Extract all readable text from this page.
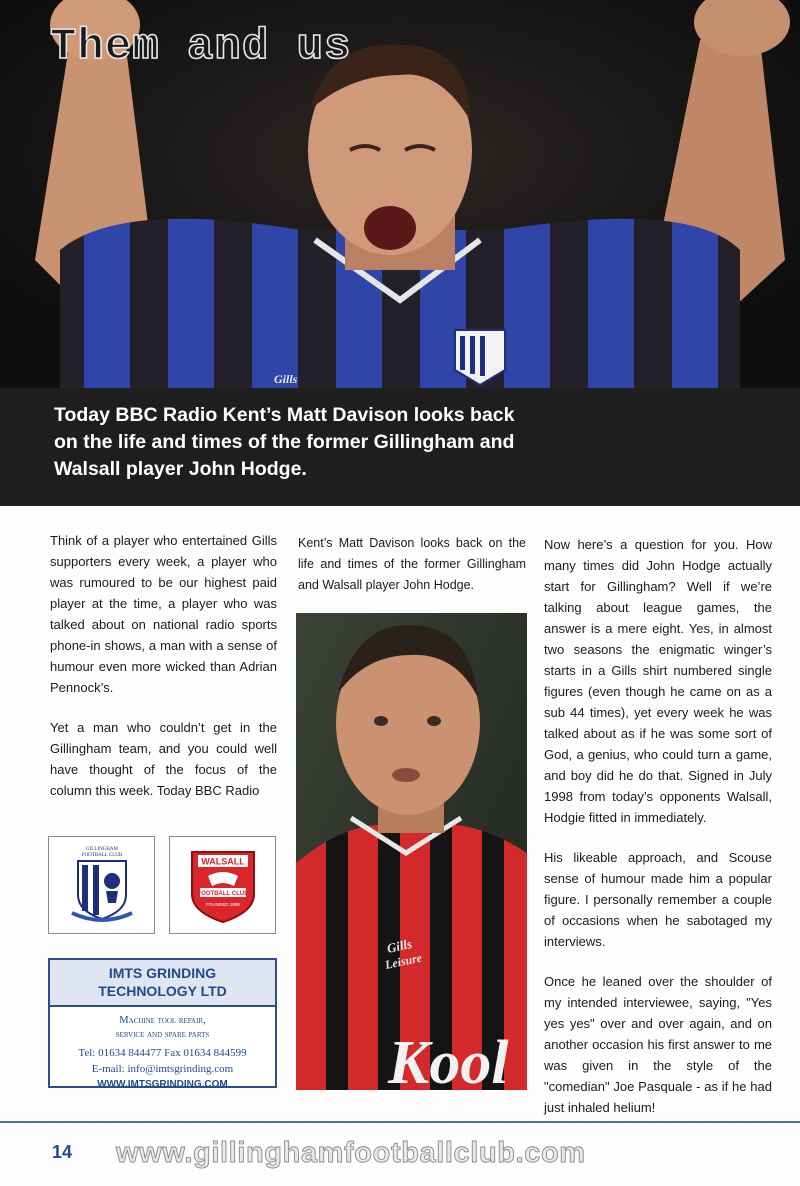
Them and us
Gills

Today BBC Radio Kent’s Matt Davison looks back on the life and times of the former Gillingham and Walsall player John Hodge.

Think of a player who entertained Gills supporters every week, a player who was rumoured to be our highest paid player at the time, a player who was talked about on national radio sports phone-in shows, a man with a sense of humour even more wicked than Adrian Pennock’s.

Yet a man who couldn’t get in the Gillingham team, and you could well have thought of the focus of the column this week. Today BBC Radio

Kent’s Matt Davison looks back on the life and times of the former Gillingham and Walsall player John Hodge.

Now here’s a question for you. How many times did John Hodge actually start for Gillingham? Well if we’re talking about league games, the answer is a mere eight. Yes, in almost two seasons the enigmatic winger’s starts in a Gills shirt numbered single figures (even though he came on as a sub 44 times), yet every week he was talked about as if he was some sort of God, a genius, who could turn a game, and boy did he do that. Signed in July 1998 from today’s opponents Walsall, Hodgie fitted in immediately.

His likeable approach, and Scouse sense of humour made him a popular figure. I personally remember a couple of occasions when he sabotaged my interviews.

Once he leaned over the shoulder of my intended interviewee, saying, "Yes yes yes" over and over again, and on another occasion his first answer to me was given in the style of the "comedian" Joe Pasquale - as if he had just inhaled helium!

GILLINGHAM
FOOTBALL CLUB
WALSALL
FOOTBALL CLUB
FOUNDED 1888
IMTS GRINDING
TECHNOLOGY LTD
Machine tool repair,
service and spare parts
Tel: 01634 844477 Fax 01634 844599
E-mail: info@imtsgrinding.com
WWW.IMTSGRINDING.COM
Gills
Leisure
Kool
14 www.gillinghamfootballclub.com
